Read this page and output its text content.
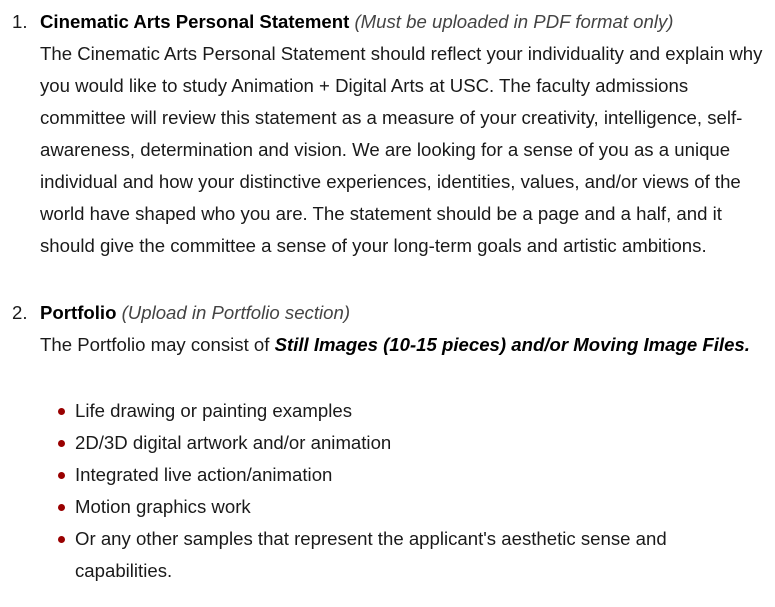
1. Cinematic Arts Personal Statement (Must be uploaded in PDF format only)

The Cinematic Arts Personal Statement should reflect your individuality and explain why you would like to study Animation + Digital Arts at USC. The faculty admissions committee will review this statement as a measure of your creativity, intelligence, self-awareness, determination and vision. We are looking for a sense of you as a unique individual and how your distinctive experiences, identities, values, and/or views of the world have shaped who you are. The statement should be a page and a half, and it should give the committee a sense of your long-term goals and artistic ambitions.

2. Portfolio (Upload in Portfolio section)

The Portfolio may consist of Still Images (10-15 pieces) and/or Moving Image Files.

Life drawing or painting examples
2D/3D digital artwork and/or animation
Integrated live action/animation
Motion graphics work
Or any other samples that represent the applicant's aesthetic sense and capabilities.
